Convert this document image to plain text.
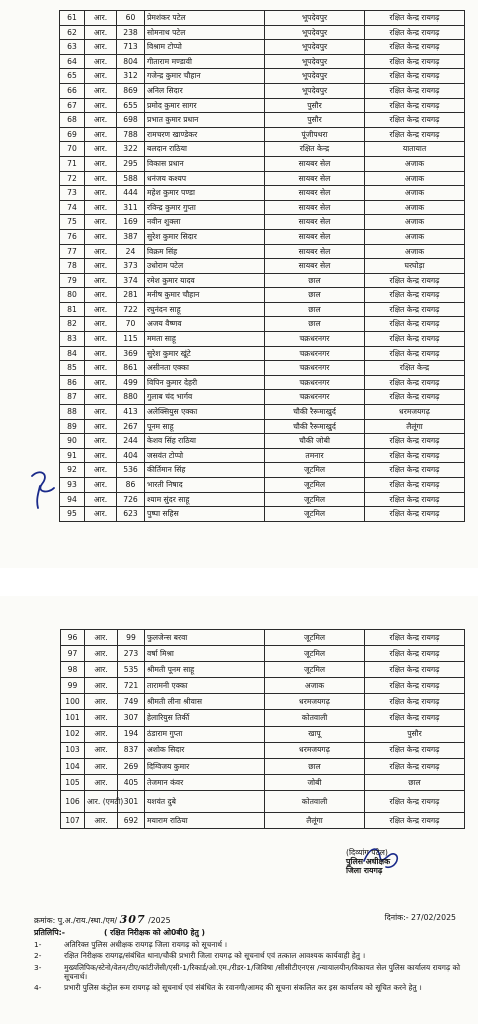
61	आर.	60	प्रेमशंकर पटेल	भूपदेवपुर	रक्षित केन्द्र रायगढ़
62	आर.	238	सोमनाथ पटेल	भूपदेवपुर	रक्षित केन्द्र रायगढ़
63	आर.	713	विश्राम टोप्पो	भूपदेवपुर	रक्षित केन्द्र रायगढ़
64	आर.	804	गीताराम मण्डावी	भूपदेवपुर	रक्षित केन्द्र रायगढ़
65	आर.	312	गजेन्द्र कुमार चौहान	भूपदेवपुर	रक्षित केन्द्र रायगढ़
66	आर.	869	अनिल सिदार	भूपदेवपुर	रक्षित केन्द्र रायगढ़
67	आर.	655	प्रमोद कुमार सागर	पुसौर	रक्षित केन्द्र रायगढ़
68	आर.	698	प्रभात कुमार प्रधान	पुसौर	रक्षित केन्द्र रायगढ़
69	आर.	788	रामचरण खाण्डेकर	पूंजीपथरा	रक्षित केन्द्र रायगढ़
70	आर.	322	बलदान राठिया	रक्षित केन्द्र	यातायात
71	आर.	295	विकास प्रधान	सायबर सेल	अजाक
72	आर.	588	धनंजय कश्यप	सायबर सेल	अजाक
73	आर.	444	महेश कुमार पण्डा	सायबर सेल	अजाक
74	आर.	311	रविन्द्र कुमार गुप्ता	सायबर सेल	अजाक
75	आर.	169	नवीन शुक्ला	सायबर सेल	अजाक
76	आर.	387	सुरेश कुमार सिदार	सायबर सेल	अजाक
77	आर.	24	विक्रम सिंह	सायबर सेल	अजाक
78	आर.	373	उधोराम पटेल	सायबर सेल	घरघोड़ा
79	आर.	374	रमेश कुमार यादव	छाल	रक्षित केन्द्र रायगढ़
80	आर.	281	मनीष कुमार चौहान	छाल	रक्षित केन्द्र रायगढ़
81	आर.	722	रघुनंदन साहू	छाल	रक्षित केन्द्र रायगढ़
82	आर.	70	अजय वैष्णव	छाल	रक्षित केन्द्र रायगढ़
83	आर.	115	ममता साहू	चक्रधरनगर	रक्षित केन्द्र रायगढ़
84	आर.	369	सुरेश कुमार खूंटे	चक्रधरनगर	रक्षित केन्द्र रायगढ़
85	आर.	861	असीनता एक्का	चक्रधरनगर	रक्षित केन्द्र
86	आर.	499	विपिन कुमार देहरी	चक्रधरनगर	रक्षित केन्द्र रायगढ़
87	आर.	880	गुलाब चंद भार्गव	चक्रधरनगर	रक्षित केन्द्र रायगढ़
88	आर.	413	अलेक्सियुस एक्का	चौकी रैरूमाखुर्द	धरमजयगढ़
89	आर.	267	पूनम साहू	चौकी रैरूमाखुर्द	लैलूंगा
90	आर.	244	केशव सिंह राठिया	चौकी जोबी	रक्षित केन्द्र रायगढ़
91	आर.	404	जसवंत टोप्पो	तमनार	रक्षित केन्द्र रायगढ़
92	आर.	536	कीर्तिमान सिंह	जूटमिल	रक्षित केन्द्र रायगढ़
93	आर.	86	भारती निषाद	जूटमिल	रक्षित केन्द्र रायगढ़
94	आर.	726	श्याम सुंदर साहू	जूटमिल	रक्षित केन्द्र रायगढ़
95	आर.	623	पुष्पा सहिस	जूटमिल	रक्षित केन्द्र रायगढ़
96	आर.	99	फुलजेन्स बरवा	जूटमिल	रक्षित केन्द्र रायगढ़
97	आर.	273	वर्षा मिश्रा	जूटमिल	रक्षित केन्द्र रायगढ़
98	आर.	535	श्रीमती पूनम साहू	जूटमिल	रक्षित केन्द्र रायगढ़
99	आर.	721	तारामनी एक्का	अजाक	रक्षित केन्द्र रायगढ़
100	आर.	749	श्रीमती लीना श्रीवास	धरमजयगढ़	रक्षित केन्द्र रायगढ़
101	आर.	307	हेलारियुस तिर्की	कोतवाली	रक्षित केन्द्र रायगढ़
102	आर.	194	ठंडाराम गुप्ता	खापू	पुसौर
103	आर.	837	अशोक सिदार	धरमजयगढ़	रक्षित केन्द्र रायगढ़
104	आर.	269	दिग्विजय कुमार	छाल	रक्षित केन्द्र रायगढ़
105	आर.	405	तेजमान कंवर	जोबी	छाल
106	आर. (एमटी)	301	यशवंत दुबे	कोतवाली	रक्षित केन्द्र रायगढ़
107	आर.	692	मयाराम राठिया	लैलूंगा	रक्षित केन्द्र रायगढ़
(दिव्यांग पटेल)
पुलिस अधीक्षक
जिला रायगढ़
क्रमांक: पु.अ./राय./स्था./एम/ 307 /2025	दिनांक:- 27/02/2025
प्रतिलिपि:-	( रक्षित निरीक्षक को ओ0बी0 हेतु )
1-	अतिरिक्त पुलिस अधीक्षक रायगढ़ जिला रायगढ़ को सूचनार्थ ।
2-	रक्षित निरीक्षक रायगढ़/संबंधित थाना/चौकी प्रभारी जिला रायगढ़ को सूचनार्थ एवं तत्काल आवश्यक कार्यवाही हेतु ।
3-	मुख्यलिपिक/स्टेनो/वेतन/टीए/कांटीजेंसी/एसी-1/रिकार्ड/ओ.एम./रीडर-1/जिविषा /सीसीटीएनएस /न्यायालयीन/विकायत सेल पुलिस कार्यालय रायगढ़ को सूचनार्थ।
4-	प्रभारी पुलिस कंट्रोल रूम रायगढ़ को सूचनार्थ एवं संबंधित के रवानगी/आमद की सूचना संकलित कर इस कार्यालय को सूचित करने हेतु ।
